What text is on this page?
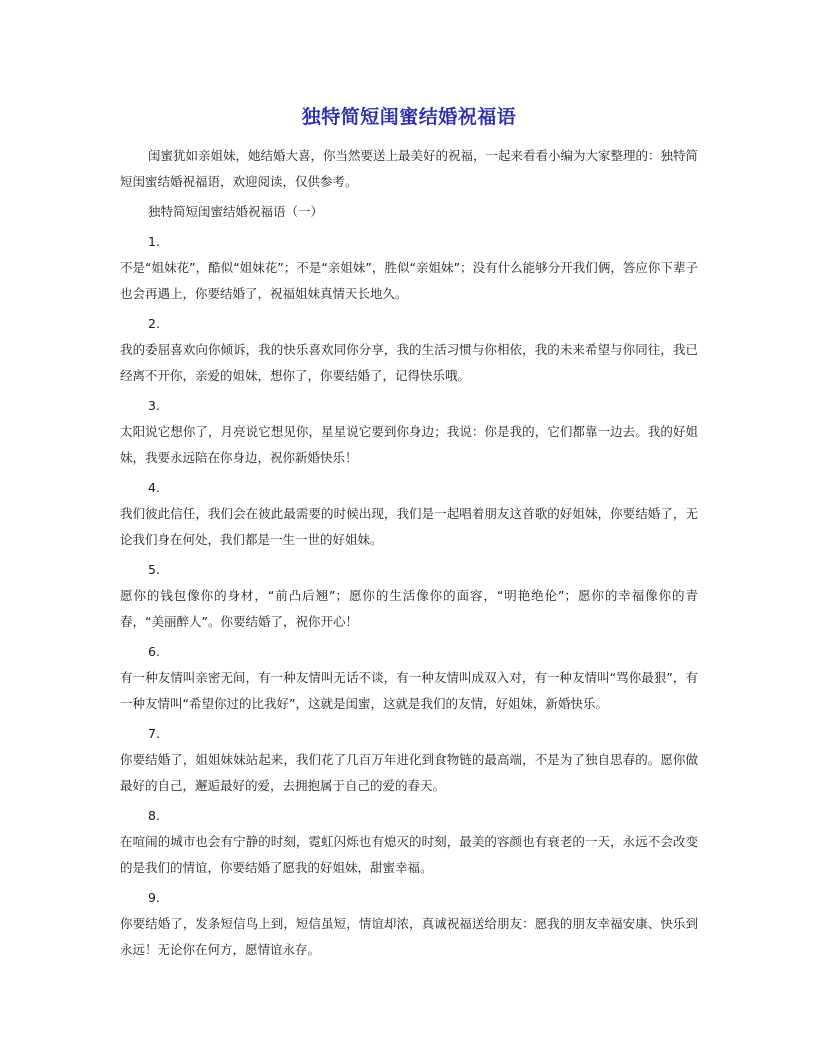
独特简短闺蜜结婚祝福语

闺蜜犹如亲姐妹，她结婚大喜，你当然要送上最美好的祝福，一起来看看小编为大家整理的：独特简短闺蜜结婚祝福语，欢迎阅读，仅供参考。

独特简短闺蜜结婚祝福语（一）

1.

不是“姐妹花”，酷似“姐妹花”；不是“亲姐妹”，胜似“亲姐妹”；没有什么能够分开我们俩，答应你下辈子也会再遇上，你要结婚了，祝福姐妹真情天长地久。

2.

我的委屈喜欢向你倾诉，我的快乐喜欢同你分享，我的生活习惯与你相依，我的未来希望与你同往，我已经离不开你，亲爱的姐妹，想你了，你要结婚了，记得快乐哦。

3.

太阳说它想你了，月亮说它想见你，星星说它要到你身边；我说：你是我的，它们都靠一边去。我的好姐妹，我要永远陪在你身边，祝你新婚快乐！

4.

我们彼此信任，我们会在彼此最需要的时候出现，我们是一起唱着朋友这首歌的好姐妹，你要结婚了，无论我们身在何处，我们都是一生一世的好姐妹。

5.

愿你的钱包像你的身材，“前凸后翘”；愿你的生活像你的面容，“明艳绝伦”；愿你的幸福像你的青春，“美丽醉人”。你要结婚了，祝你开心！

6.

有一种友情叫亲密无间，有一种友情叫无话不谈，有一种友情叫成双入对，有一种友情叫“骂你最狠”，有一种友情叫“希望你过的比我好”，这就是闺蜜，这就是我们的友情，好姐妹，新婚快乐。

7.

你要结婚了，姐姐妹妹站起来，我们花了几百万年进化到食物链的最高端，不是为了独自思春的。愿你做最好的自己，邂逅最好的爱，去拥抱属于自己的爱的春天。

8.

在喧闹的城市也会有宁静的时刻，霓虹闪烁也有熄灭的时刻，最美的容颜也有衰老的一天，永远不会改变的是我们的情谊，你要结婚了愿我的好姐妹，甜蜜幸福。

9.

你要结婚了，发条短信鸟上到，短信虽短，情谊却浓，真诚祝福送给朋友：愿我的朋友幸福安康、快乐到永远！无论你在何方，愿情谊永存。
